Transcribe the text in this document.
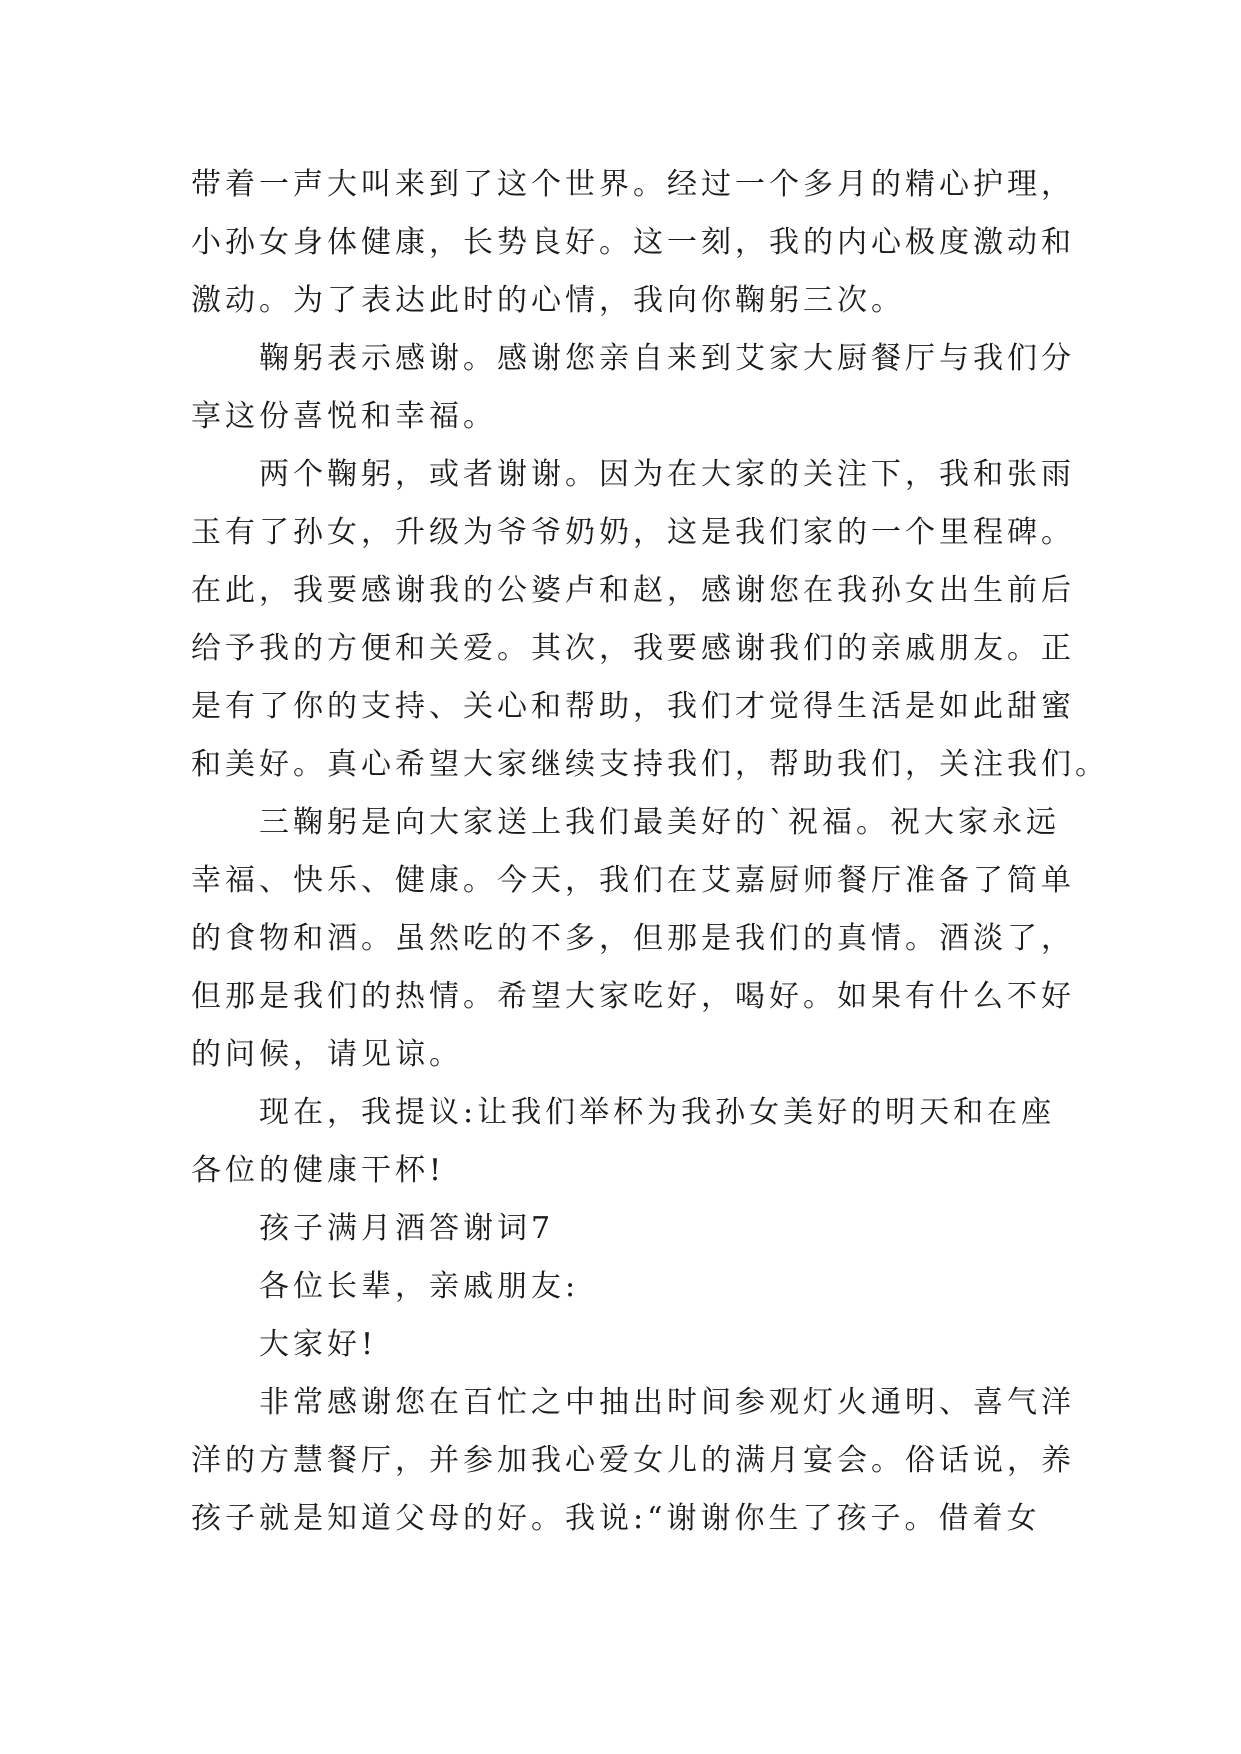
带着一声大叫来到了这个世界。经过一个多月的精心护理，
小孙女身体健康，长势良好。这一刻，我的内心极度激动和
激动。为了表达此时的心情，我向你鞠躬三次。
鞠躬表示感谢。感谢您亲自来到艾家大厨餐厅与我们分
享这份喜悦和幸福。
两个鞠躬，或者谢谢。因为在大家的关注下，我和张雨
玉有了孙女，升级为爷爷奶奶，这是我们家的一个里程碑。
在此，我要感谢我的公婆卢和赵，感谢您在我孙女出生前后
给予我的方便和关爱。其次，我要感谢我们的亲戚朋友。正
是有了你的支持、关心和帮助，我们才觉得生活是如此甜蜜
和美好。真心希望大家继续支持我们，帮助我们，关注我们。
三鞠躬是向大家送上我们最美好的`祝福。祝大家永远
幸福、快乐、健康。今天，我们在艾嘉厨师餐厅准备了简单
的食物和酒。虽然吃的不多，但那是我们的真情。酒淡了，
但那是我们的热情。希望大家吃好，喝好。如果有什么不好
的问候，请见谅。
现在，我提议:让我们举杯为我孙女美好的明天和在座
各位的健康干杯!
孩子满月酒答谢词7
各位长辈，亲戚朋友:
大家好!
非常感谢您在百忙之中抽出时间参观灯火通明、喜气洋
洋的方慧餐厅，并参加我心爱女儿的满月宴会。俗话说，养
孩子就是知道父母的好。我说:“谢谢你生了孩子。借着女
